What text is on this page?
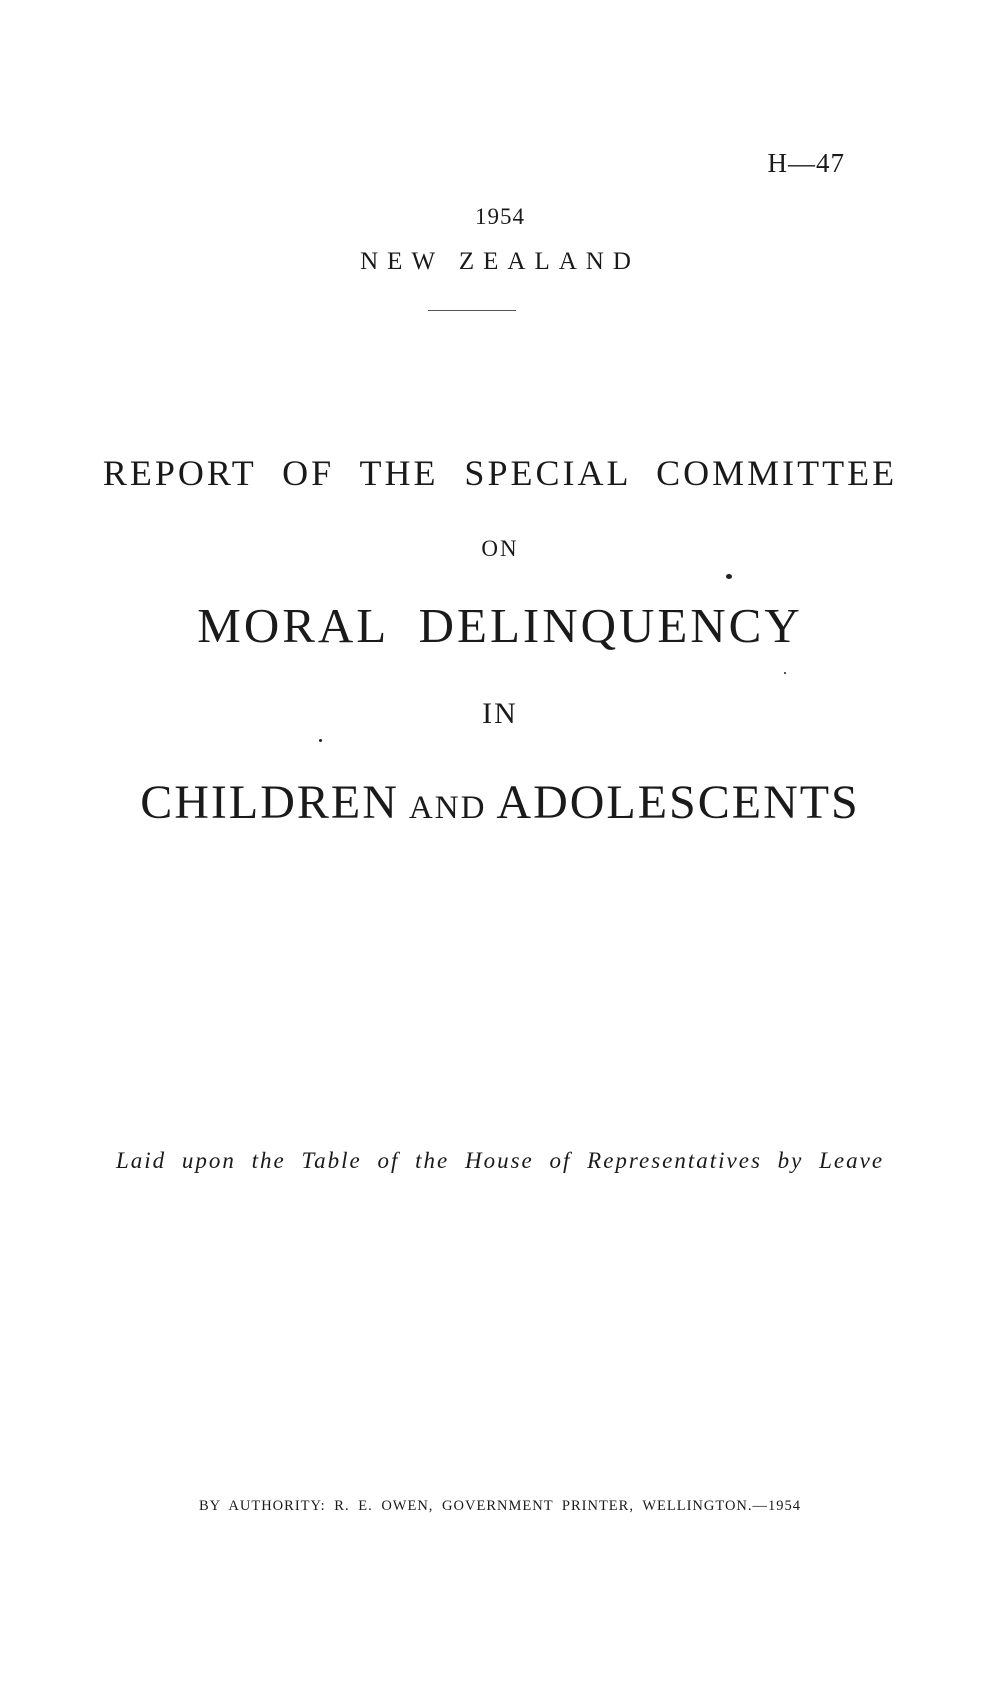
H—47
1954
NEW ZEALAND
REPORT OF THE SPECIAL COMMITTEE
ON
MORAL DELINQUENCY
IN
CHILDREN AND ADOLESCENTS
Laid upon the Table of the House of Representatives by Leave
BY AUTHORITY: R. E. OWEN, GOVERNMENT PRINTER, WELLINGTON.—1954
